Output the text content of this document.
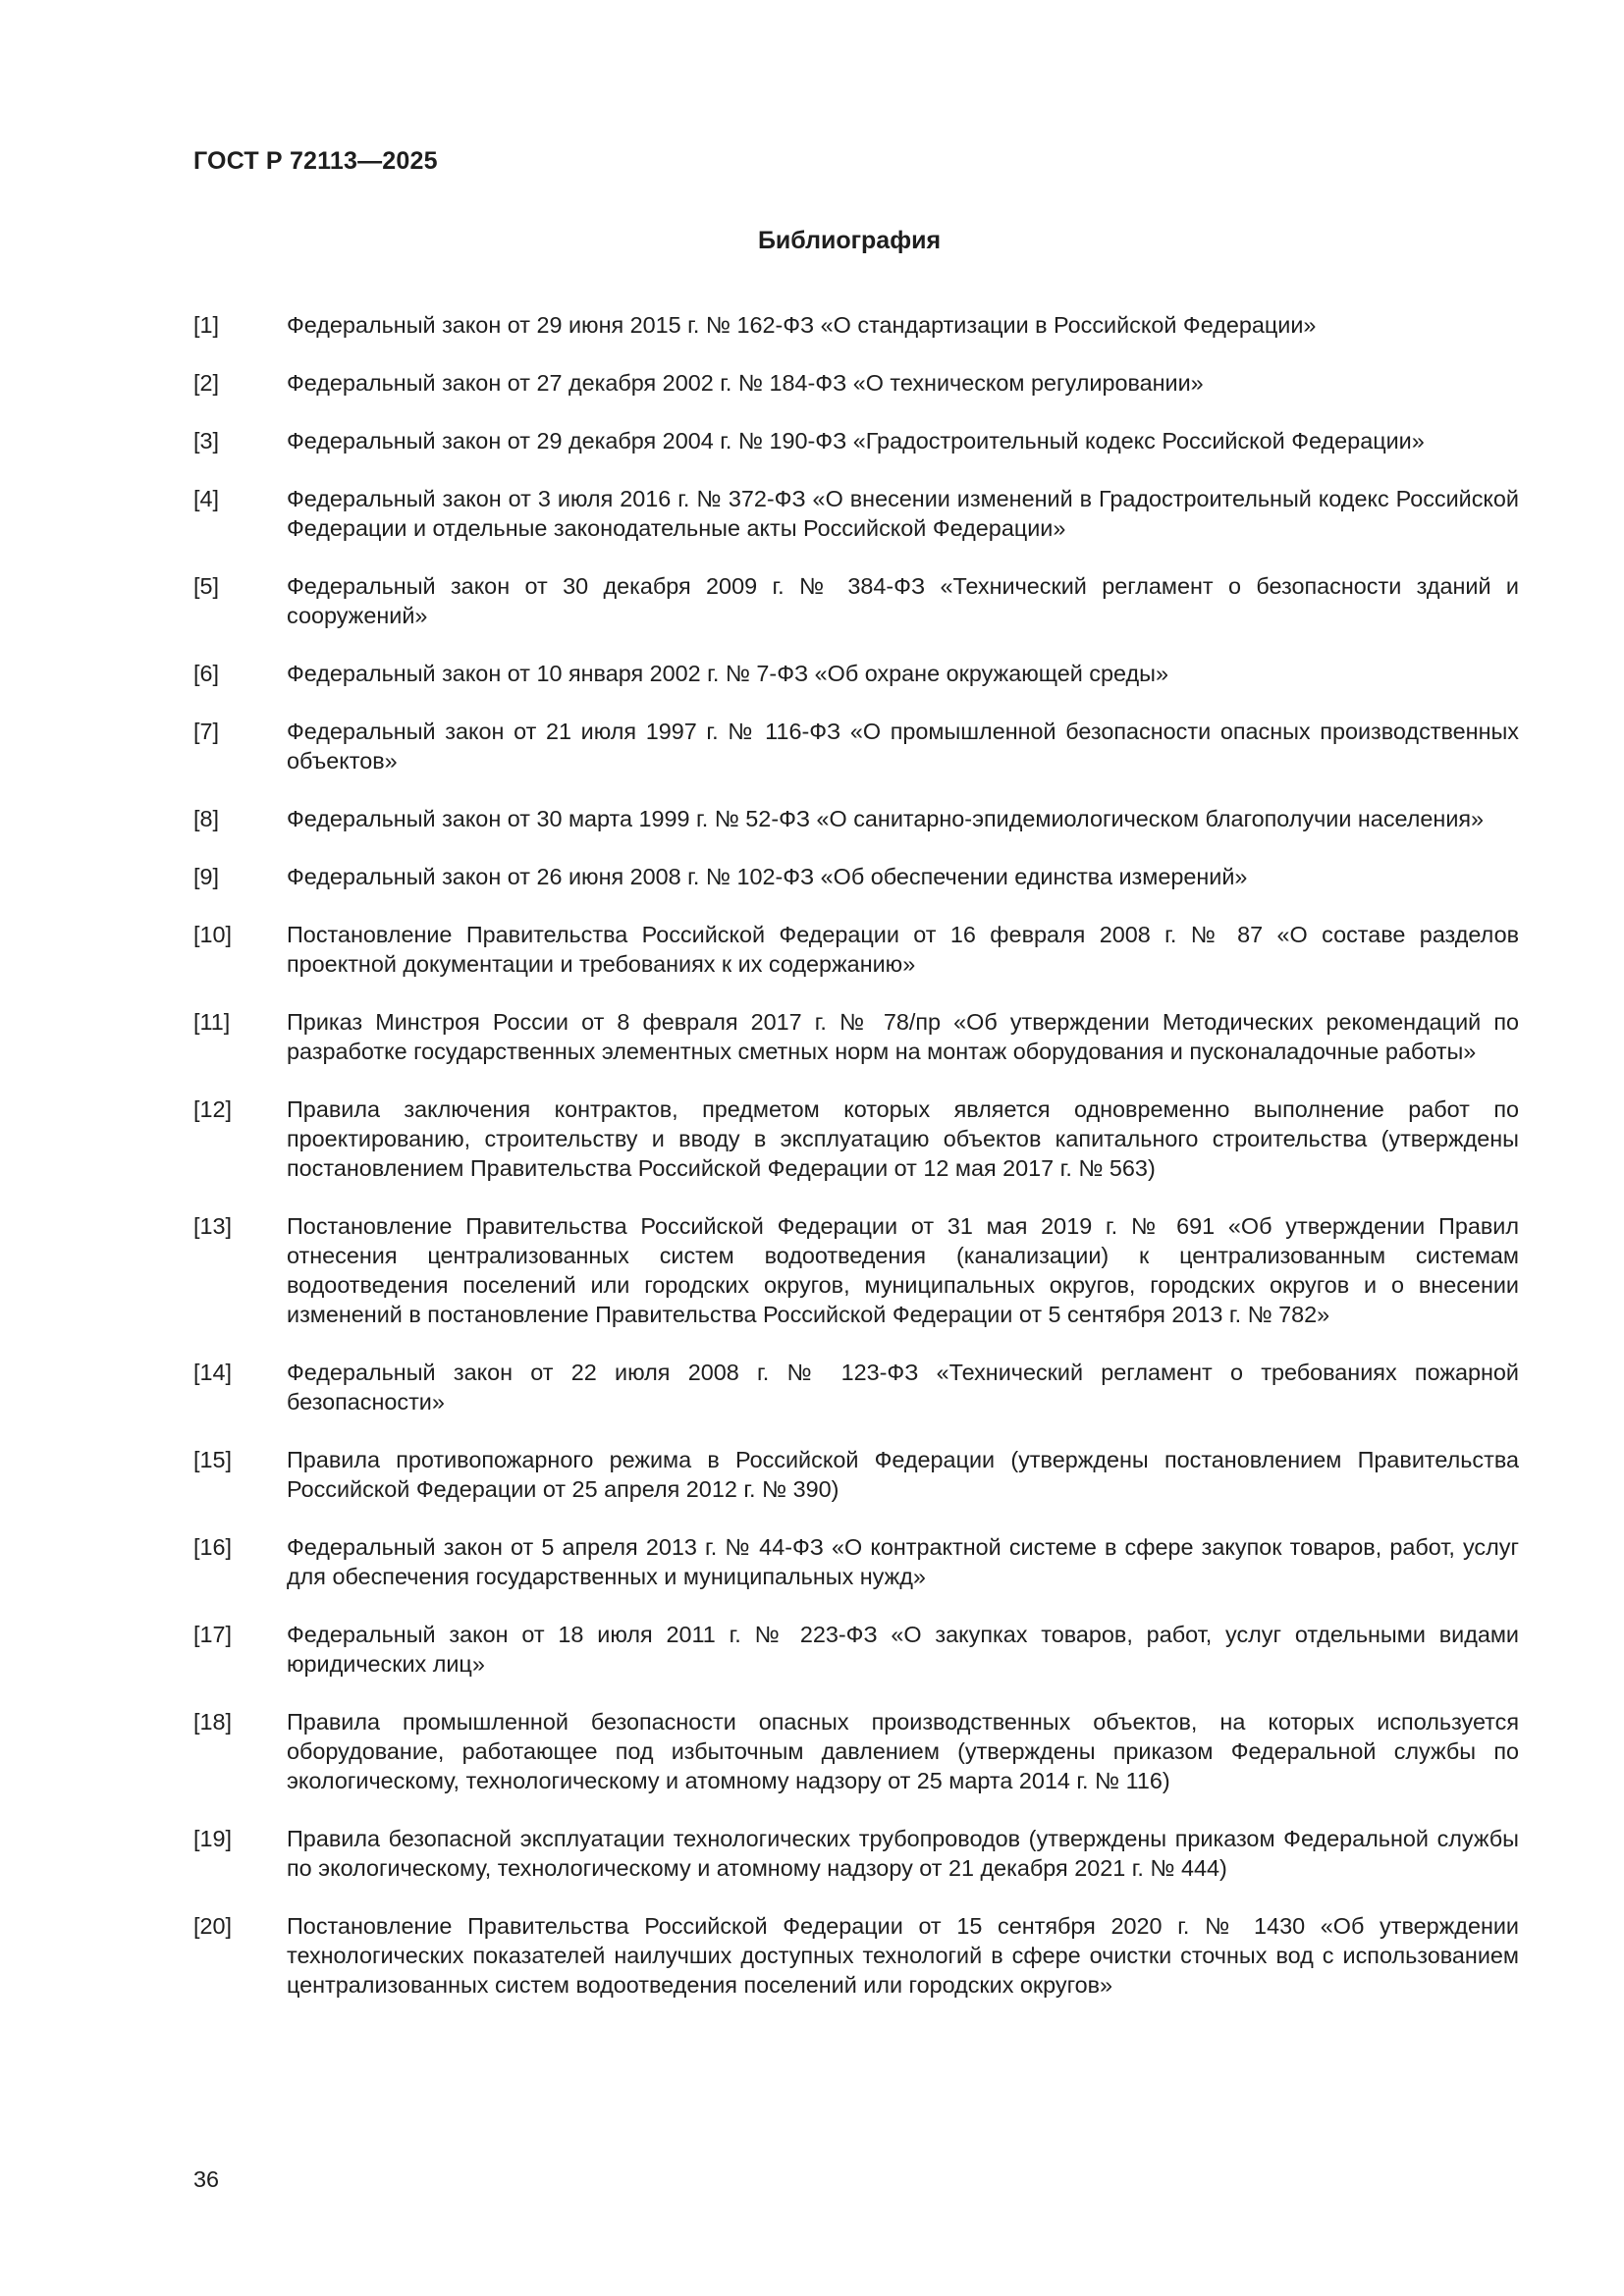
ГОСТ Р 72113—2025
Библиография
[1]	Федеральный закон от 29 июня 2015 г. № 162-ФЗ «О стандартизации в Российской Федерации»
[2]	Федеральный закон от 27 декабря 2002 г. № 184-ФЗ «О техническом регулировании»
[3]	Федеральный закон от 29 декабря 2004 г. № 190-ФЗ «Градостроительный кодекс Российской Федерации»
[4]	Федеральный закон от 3 июля 2016 г. № 372-ФЗ «О внесении изменений в Градостроительный кодекс Российской Федерации и отдельные законодательные акты Российской Федерации»
[5]	Федеральный закон от 30 декабря 2009 г. № 384-ФЗ «Технический регламент о безопасности зданий и сооружений»
[6]	Федеральный закон от 10 января 2002 г. № 7-ФЗ «Об охране окружающей среды»
[7]	Федеральный закон от 21 июля 1997 г. № 116-ФЗ «О промышленной безопасности опасных производственных объектов»
[8]	Федеральный закон от 30 марта 1999 г. № 52-ФЗ «О санитарно-эпидемиологическом благополучии населения»
[9]	Федеральный закон от 26 июня 2008 г. № 102-ФЗ «Об обеспечении единства измерений»
[10]	Постановление Правительства Российской Федерации от 16 февраля 2008 г. № 87 «О составе разделов проектной документации и требованиях к их содержанию»
[11]	Приказ Минстроя России от 8 февраля 2017 г. № 78/пр «Об утверждении Методических рекомендаций по разработке государственных элементных сметных норм на монтаж оборудования и пусконаладочные работы»
[12]	Правила заключения контрактов, предметом которых является одновременно выполнение работ по проектированию, строительству и вводу в эксплуатацию объектов капитального строительства (утверждены постановлением Правительства Российской Федерации от 12 мая 2017 г. № 563)
[13]	Постановление Правительства Российской Федерации от 31 мая 2019 г. № 691 «Об утверждении Правил отнесения централизованных систем водоотведения (канализации) к централизованным системам водоотведения поселений или городских округов, муниципальных округов, городских округов и о внесении изменений в постановление Правительства Российской Федерации от 5 сентября 2013 г. № 782»
[14]	Федеральный закон от 22 июля 2008 г. № 123-ФЗ «Технический регламент о требованиях пожарной безопасности»
[15]	Правила противопожарного режима в Российской Федерации (утверждены постановлением Правительства Российской Федерации от 25 апреля 2012 г. № 390)
[16]	Федеральный закон от 5 апреля 2013 г. № 44-ФЗ «О контрактной системе в сфере закупок товаров, работ, услуг для обеспечения государственных и муниципальных нужд»
[17]	Федеральный закон от 18 июля 2011 г. № 223-ФЗ «О закупках товаров, работ, услуг отдельными видами юридических лиц»
[18]	Правила промышленной безопасности опасных производственных объектов, на которых используется оборудование, работающее под избыточным давлением (утверждены приказом Федеральной службы по экологическому, технологическому и атомному надзору от 25 марта 2014 г. № 116)
[19]	Правила безопасной эксплуатации технологических трубопроводов (утверждены приказом Федеральной службы по экологическому, технологическому и атомному надзору от 21 декабря 2021 г. № 444)
[20]	Постановление Правительства Российской Федерации от 15 сентября 2020 г. № 1430 «Об утверждении технологических показателей наилучших доступных технологий в сфере очистки сточных вод с использованием централизованных систем водоотведения поселений или городских округов»

36
